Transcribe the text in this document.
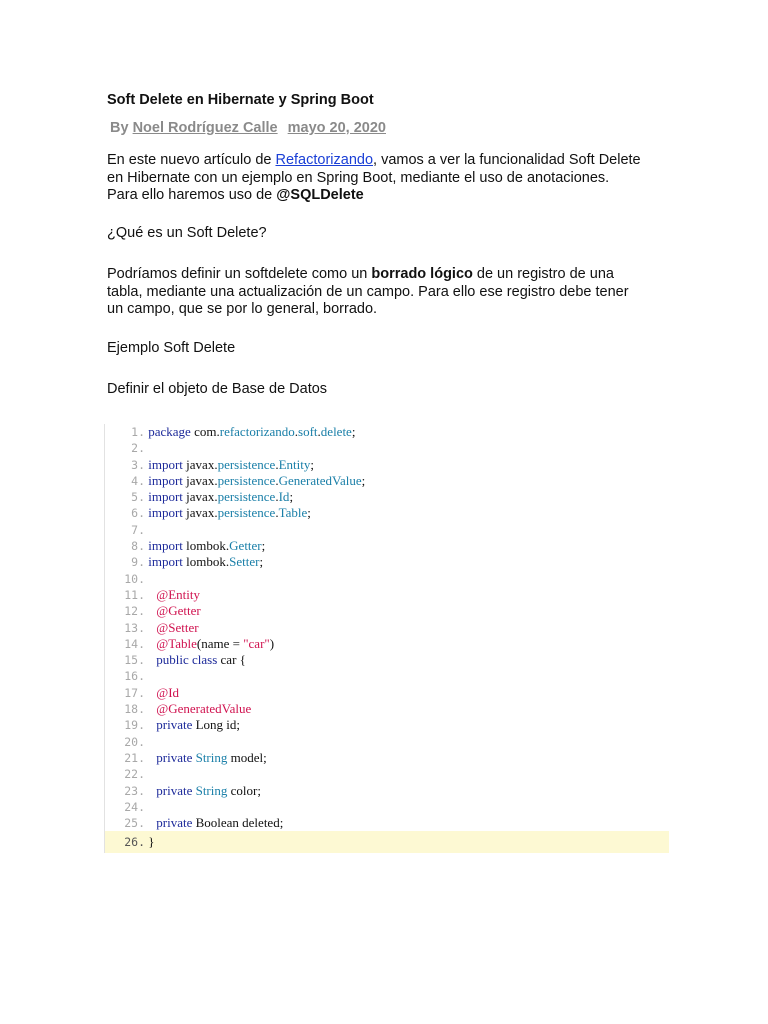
Soft Delete en Hibernate y Spring Boot
By Noel Rodríguez Calle mayo 20, 2020
En este nuevo artículo de Refactorizando, vamos a ver la funcionalidad Soft Delete
en Hibernate con un ejemplo en Spring Boot, mediante el uso de anotaciones.
Para ello haremos uso de @SQLDelete
¿Qué es un Soft Delete?
Podríamos definir un softdelete como un borrado lógico de un registro de una
tabla, mediante una actualización de un campo. Para ello ese registro debe tener
un campo, que se por lo general, borrado.
Ejemplo Soft Delete
Definir el objeto de Base de Datos
1. package com.refactorizando.soft.delete;
2.
3. import javax.persistence.Entity;
4. import javax.persistence.GeneratedValue;
5. import javax.persistence.Id;
6. import javax.persistence.Table;
7.
8. import lombok.Getter;
9. import lombok.Setter;
10.
11. @Entity
12. @Getter
13. @Setter
14. @Table(name = "car")
15. public class car {
16.
17. @Id
18. @GeneratedValue
19. private Long id;
20.
21. private String model;
22.
23. private String color;
24.
25. private Boolean deleted;
26. }
